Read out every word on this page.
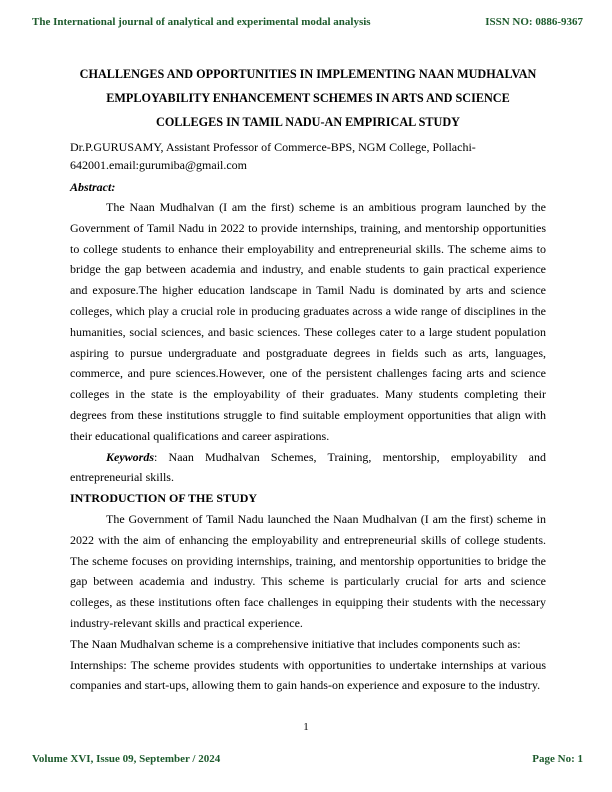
The International journal of analytical and experimental modal analysis	ISSN NO: 0886-9367
CHALLENGES AND OPPORTUNITIES IN IMPLEMENTING NAAN MUDHALVAN
EMPLOYABILITY ENHANCEMENT SCHEMES IN ARTS AND SCIENCE
COLLEGES IN TAMIL NADU-AN EMPIRICAL STUDY

Dr.P.GURUSAMY, Assistant Professor of Commerce-BPS, NGM College, Pollachi-642001.email:gurumiba@gmail.com

Abstract:

The Naan Mudhalvan (I am the first) scheme is an ambitious program launched by the Government of Tamil Nadu in 2022 to provide internships, training, and mentorship opportunities to college students to enhance their employability and entrepreneurial skills. The scheme aims to bridge the gap between academia and industry, and enable students to gain practical experience and exposure.The higher education landscape in Tamil Nadu is dominated by arts and science colleges, which play a crucial role in producing graduates across a wide range of disciplines in the humanities, social sciences, and basic sciences. These colleges cater to a large student population aspiring to pursue undergraduate and postgraduate degrees in fields such as arts, languages, commerce, and pure sciences.However, one of the persistent challenges facing arts and science colleges in the state is the employability of their graduates. Many students completing their degrees from these institutions struggle to find suitable employment opportunities that align with their educational qualifications and career aspirations.

Keywords: Naan Mudhalvan Schemes, Training, mentorship, employability and entrepreneurial skills.

INTRODUCTION OF THE STUDY

The Government of Tamil Nadu launched the Naan Mudhalvan (I am the first) scheme in 2022 with the aim of enhancing the employability and entrepreneurial skills of college students. The scheme focuses on providing internships, training, and mentorship opportunities to bridge the gap between academia and industry. This scheme is particularly crucial for arts and science colleges, as these institutions often face challenges in equipping their students with the necessary industry-relevant skills and practical experience.

The Naan Mudhalvan scheme is a comprehensive initiative that includes components such as:

Internships: The scheme provides students with opportunities to undertake internships at various companies and start-ups, allowing them to gain hands-on experience and exposure to the industry.

1
Volume XVI, Issue 09, September / 2024	Page No: 1
